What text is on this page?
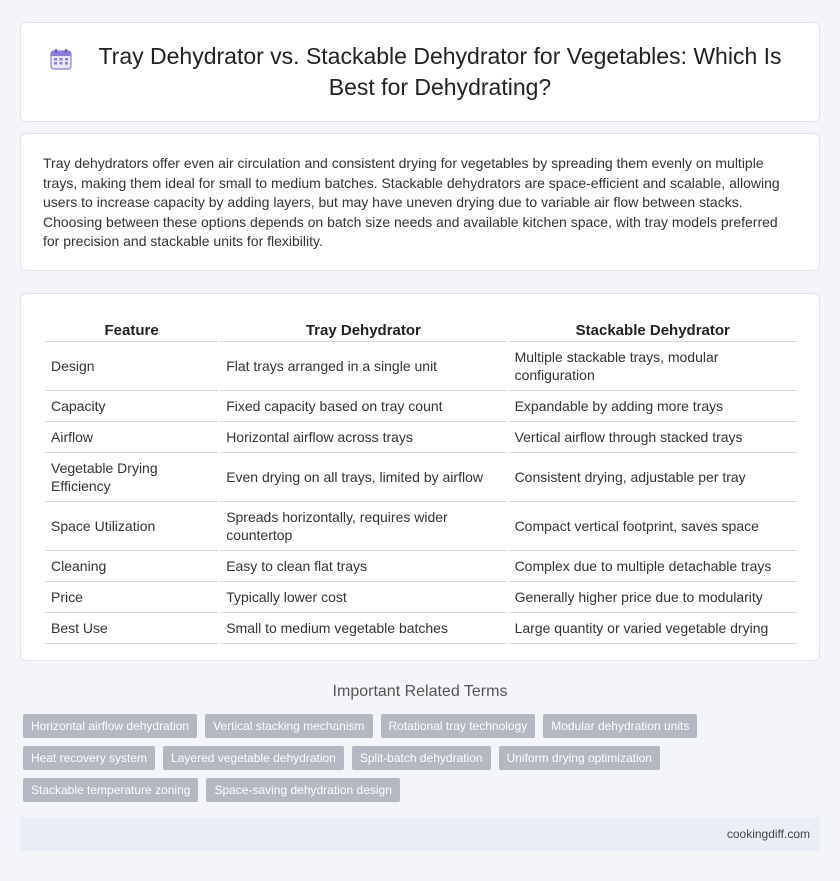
Tray Dehydrator vs. Stackable Dehydrator for Vegetables: Which Is Best for Dehydrating?

Tray dehydrators offer even air circulation and consistent drying for vegetables by spreading them evenly on multiple trays, making them ideal for small to medium batches. Stackable dehydrators are space-efficient and scalable, allowing users to increase capacity by adding layers, but may have uneven drying due to variable air flow between stacks. Choosing between these options depends on batch size needs and available kitchen space, with tray models preferred for precision and stackable units for flexibility.

Feature	Tray Dehydrator	Stackable Dehydrator
Design	Flat trays arranged in a single unit	Multiple stackable trays, modular configuration
Capacity	Fixed capacity based on tray count	Expandable by adding more trays
Airflow	Horizontal airflow across trays	Vertical airflow through stacked trays
Vegetable Drying Efficiency	Even drying on all trays, limited by airflow	Consistent drying, adjustable per tray
Space Utilization	Spreads horizontally, requires wider countertop	Compact vertical footprint, saves space
Cleaning	Easy to clean flat trays	Complex due to multiple detachable trays
Price	Typically lower cost	Generally higher price due to modularity
Best Use	Small to medium vegetable batches	Large quantity or varied vegetable drying
Important Related Terms
Horizontal airflow dehydration	Vertical stacking mechanism	Rotational tray technology	Modular dehydration units
Heat recovery system	Layered vegetable dehydration	Split-batch dehydration	Uniform drying optimization
Stackable temperature zoning	Space-saving dehydration design
cookingdiff.com
